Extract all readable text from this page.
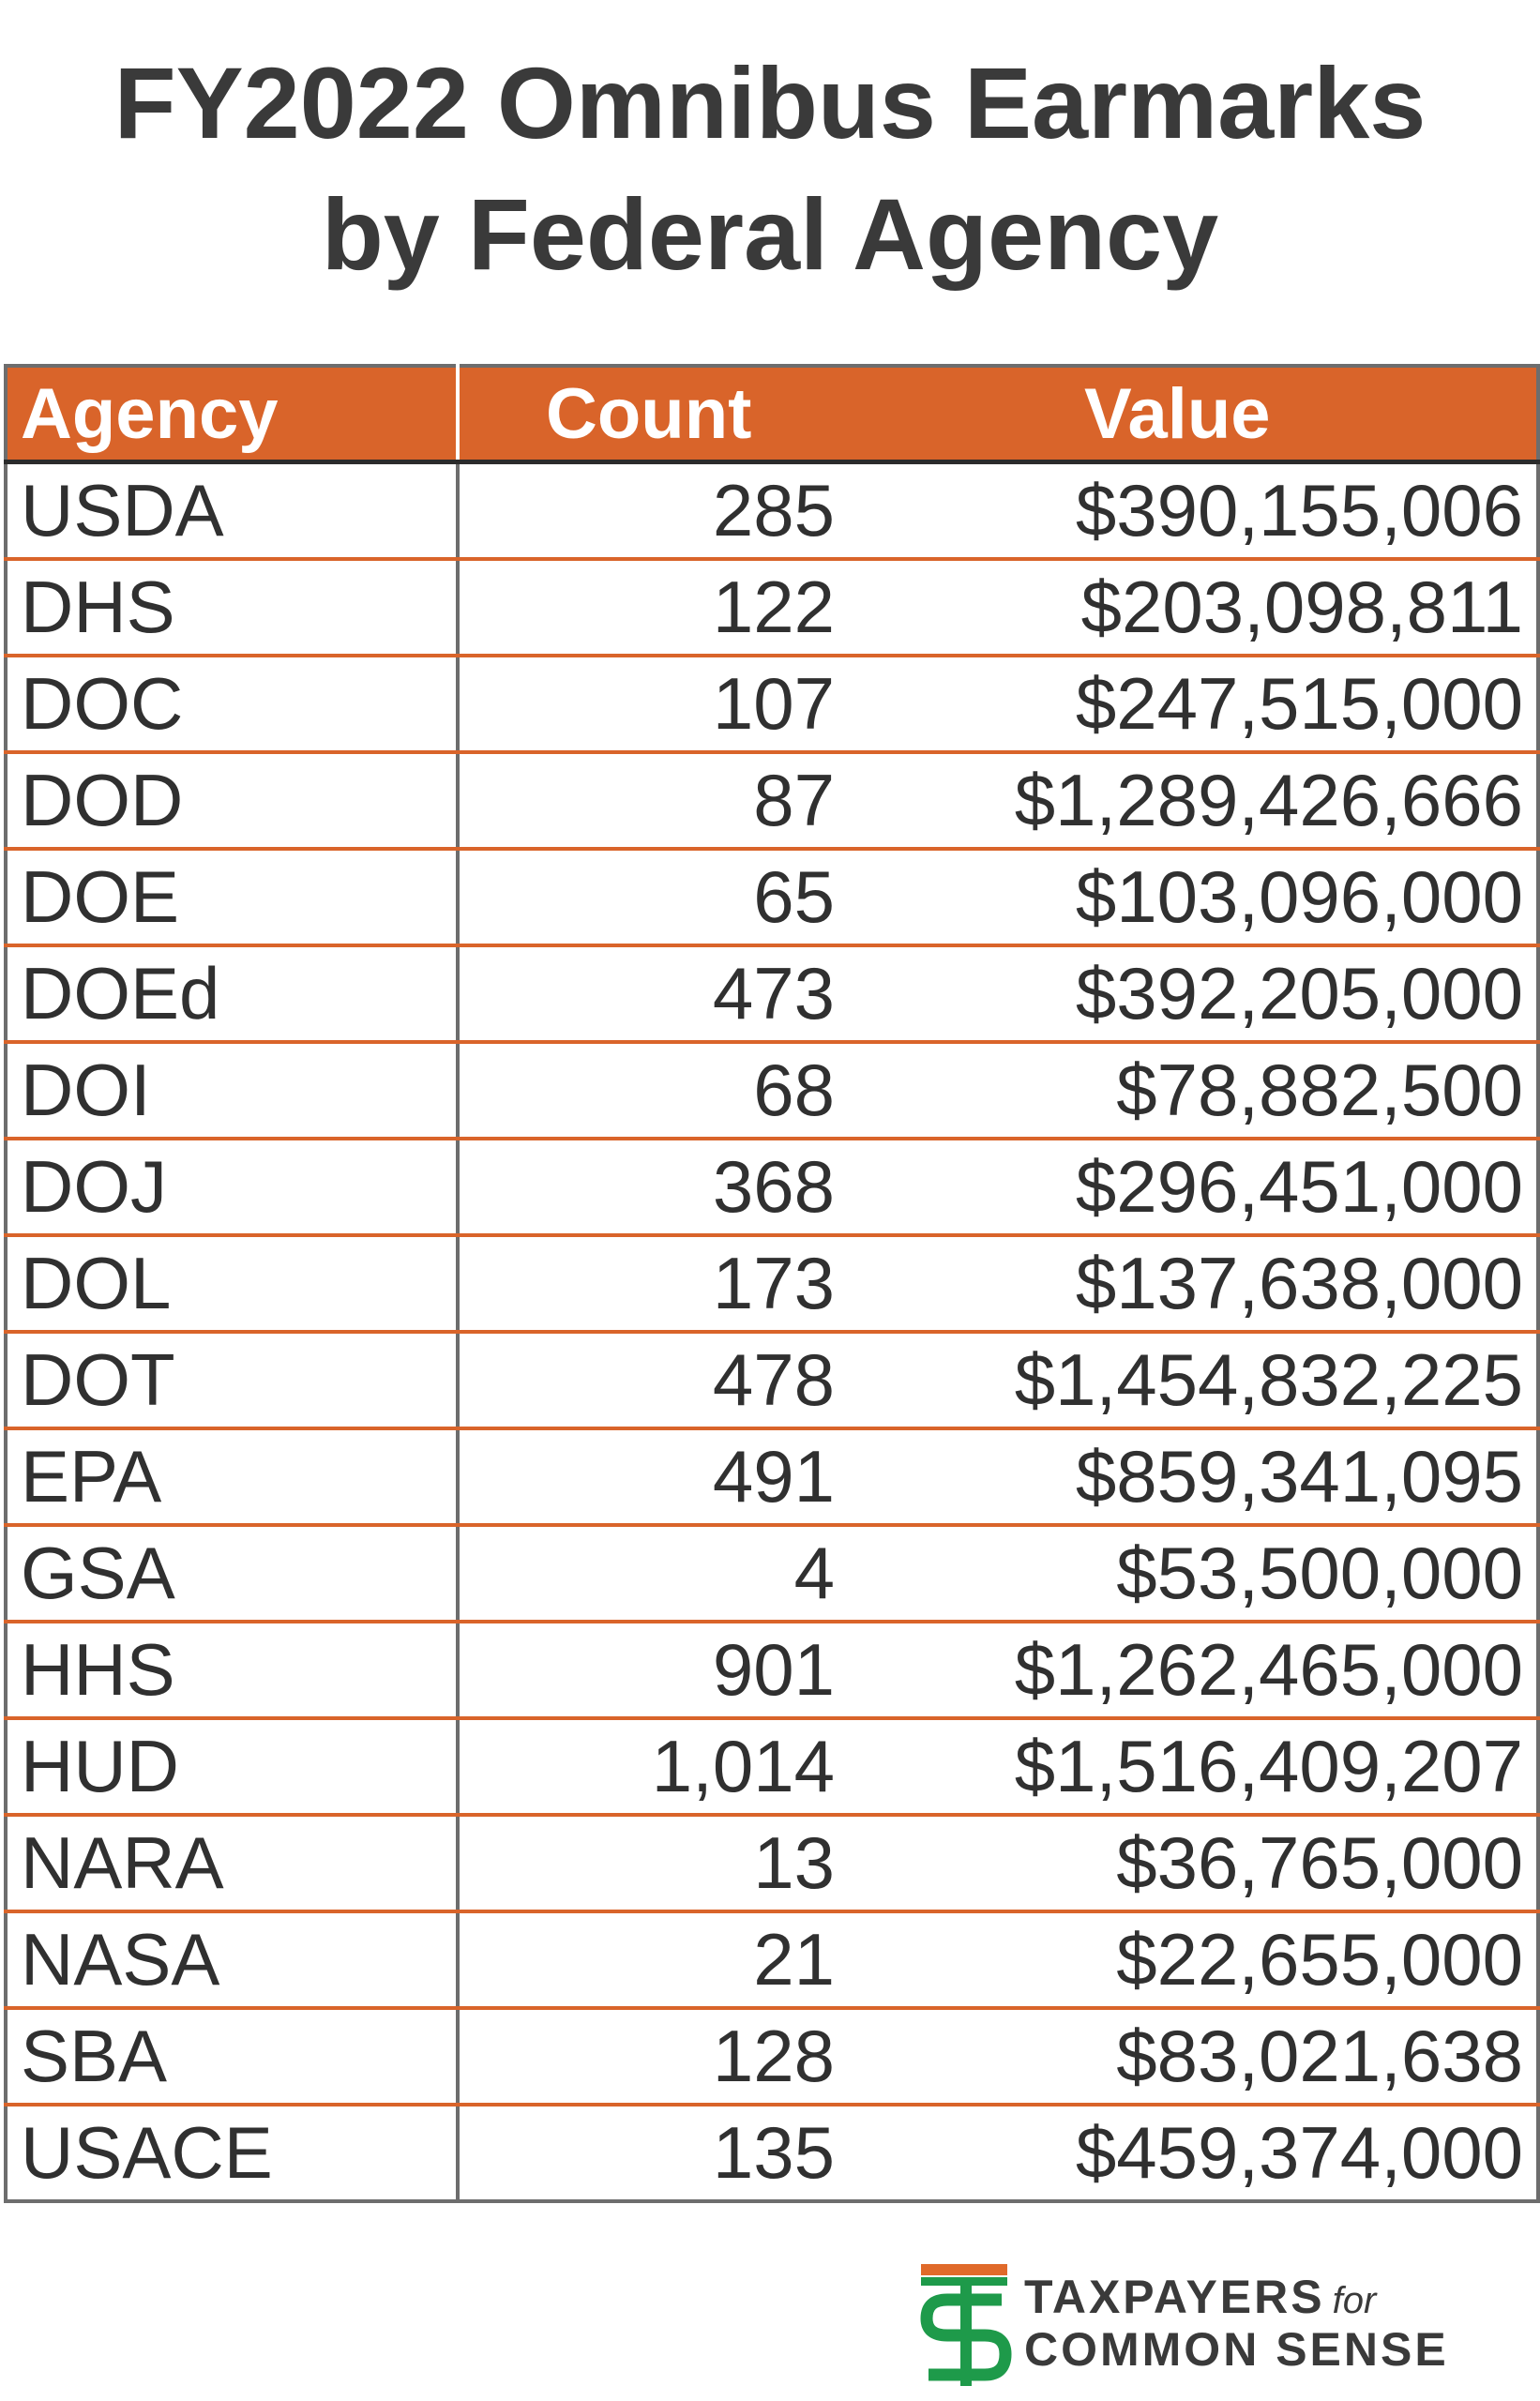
FY2022 Omnibus Earmarks
by Federal Agency
Agency	Count	Value
USDA	285	$390,155,006
DHS	122	$203,098,811
DOC	107	$247,515,000
DOD	87	$1,289,426,666
DOE	65	$103,096,000
DOEd	473	$392,205,000
DOI	68	$78,882,500
DOJ	368	$296,451,000
DOL	173	$137,638,000
DOT	478	$1,454,832,225
EPA	491	$859,341,095
GSA	4	$53,500,000
HHS	901	$1,262,465,000
HUD	1,014	$1,516,409,207
NARA	13	$36,765,000
NASA	21	$22,655,000
SBA	128	$83,021,638
USACE	135	$459,374,000
TAXPAYERS for
COMMON SENSE
